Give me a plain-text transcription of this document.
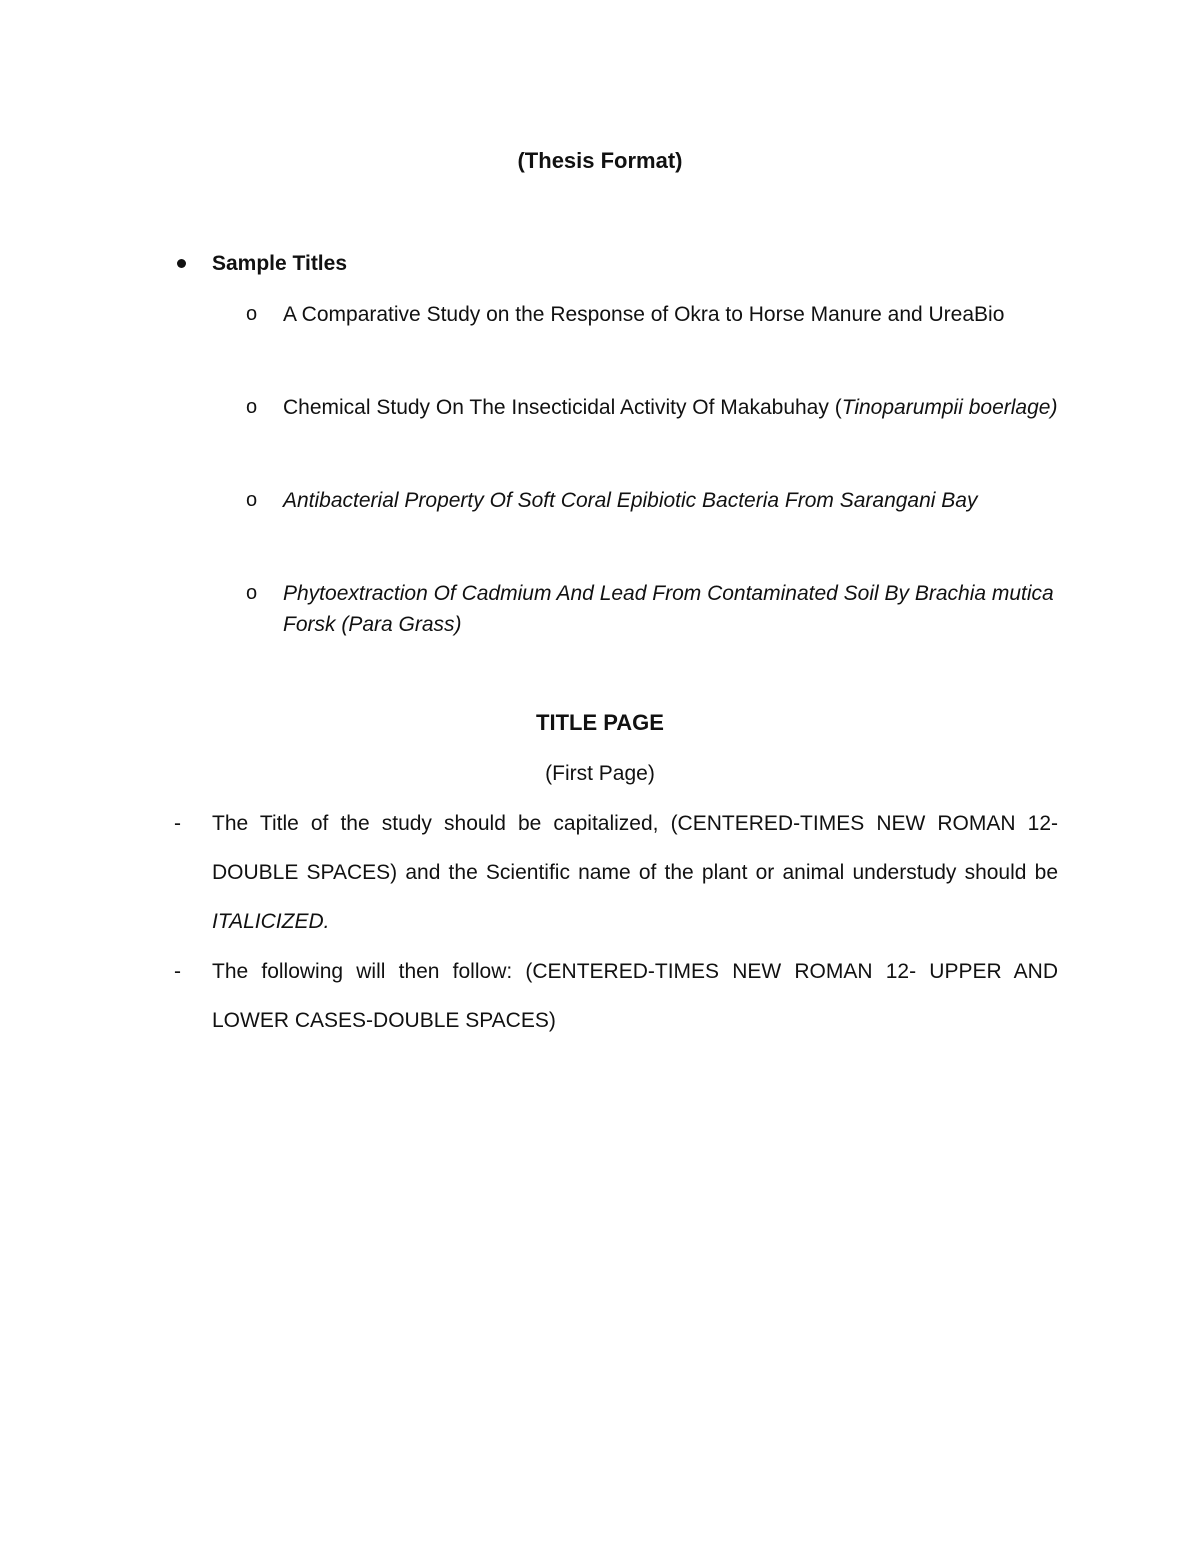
(Thesis Format)
Sample Titles
o A Comparative Study on the Response of Okra to Horse Manure and UreaBio
o Chemical Study On The Insecticidal Activity Of Makabuhay (Tinoparumpii boerlage)
o Antibacterial Property Of Soft Coral Epibiotic Bacteria From Sarangani Bay
o Phytoextraction Of Cadmium And Lead From Contaminated Soil By Brachia mutica Forsk (Para Grass)
TITLE PAGE
(First Page)
- The Title of the study should be capitalized, (CENTERED-TIMES NEW ROMAN 12-DOUBLE SPACES) and the Scientific name of the plant or animal understudy should be ITALICIZED.
- The following will then follow: (CENTERED-TIMES NEW ROMAN 12- UPPER AND LOWER CASES-DOUBLE SPACES)
